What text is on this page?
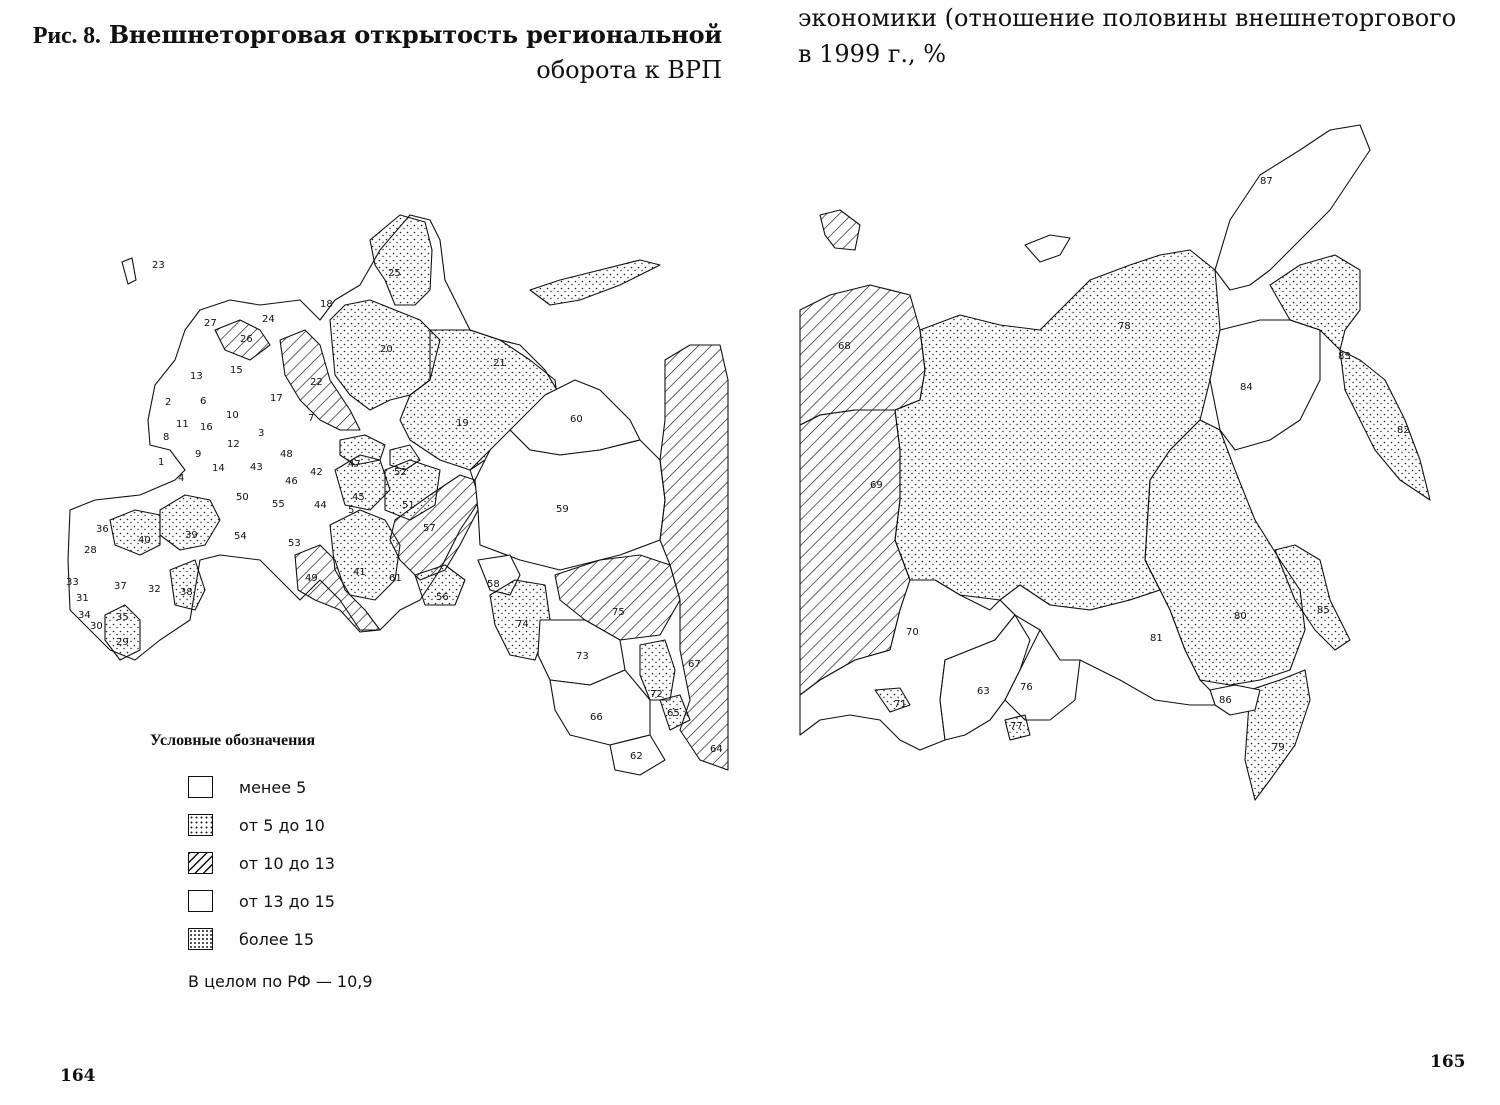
Рис. 8. Внешнеторговая открытость региональной
оборота к ВРП
23
24
25
27
18
26
20
21
15
13
22
2	6	17
10	7	19	60
11 16
8	3
12
9	48
1	47
52
43	42
14
46
4
45
50
44
55	51
5	59
36	57
39	54
40	53
28
41
49	61
58
33	37 32 38	56
31
34	35	75
30	74
29
73
67
72
66	65
62
64
Условные обозначения
менее 5
от 5 до 10
от 10 до 13
от 13 до 15
более 15
В целом по РФ — 10,9
164
экономики (отношение половины внешнеторгового
в 1999 г., %
87
68
78
83
84
82
69
80
85
70
81
76
63
86
71
77
79
165
